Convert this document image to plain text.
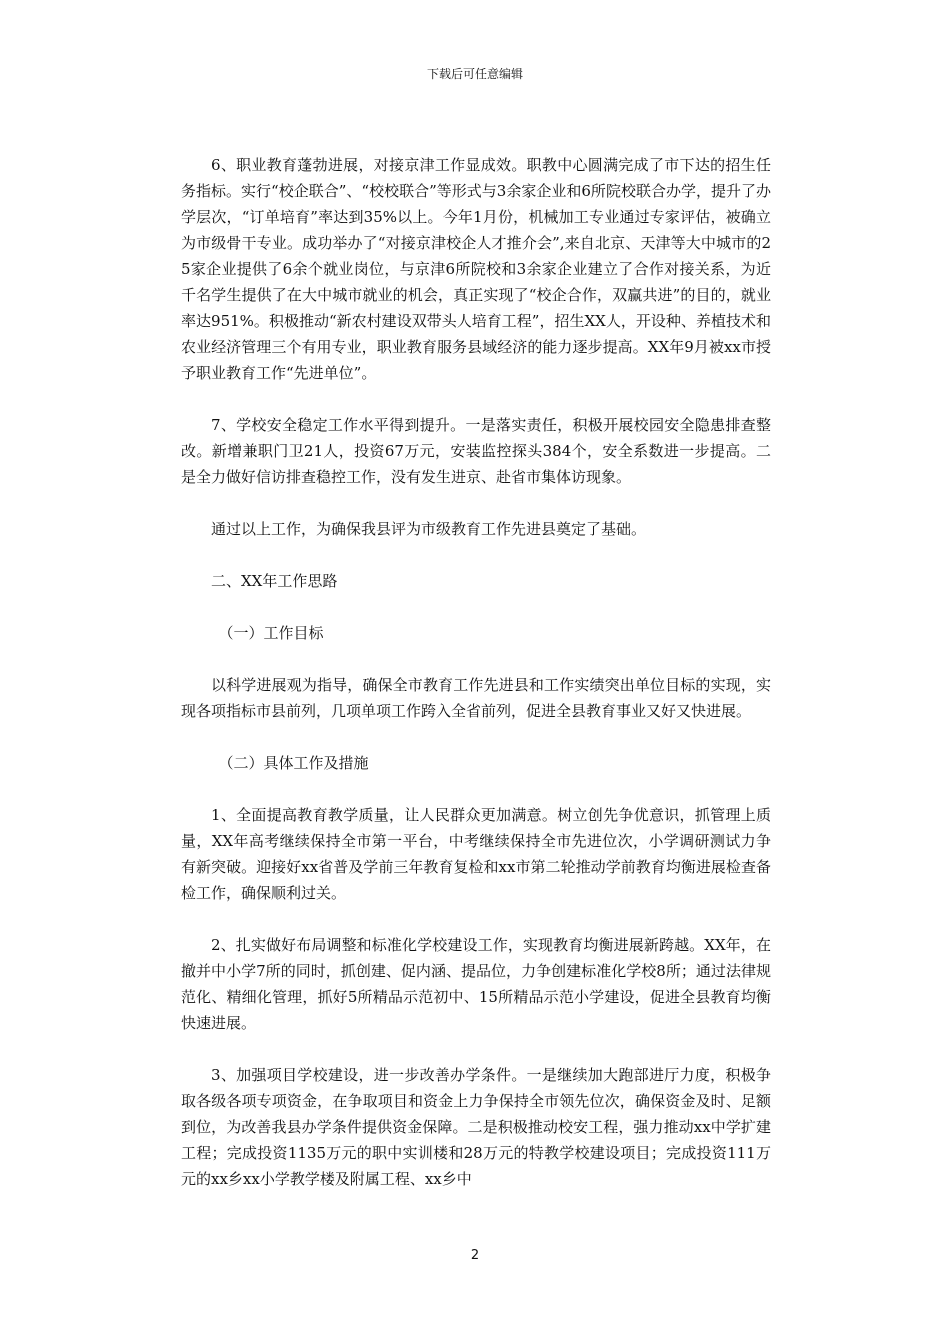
下载后可任意编辑

6、职业教育蓬勃进展，对接京津工作显成效。职教中心圆满完成了市下达的招生任务指标。实行“校企联合”、“校校联合”等形式与3余家企业和6所院校联合办学，提升了办学层次，“订单培育”率达到35%以上。今年1月份，机械加工专业通过专家评估，被确立为市级骨干专业。成功举办了“对接京津校企人才推介会”,来自北京、天津等大中城市的25家企业提供了6余个就业岗位，与京津6所院校和3余家企业建立了合作对接关系，为近千名学生提供了在大中城市就业的机会，真正实现了“校企合作，双赢共进”的目的，就业率达951%。积极推动“新农村建设双带头人培育工程”，招生XX人，开设种、养植技术和农业经济管理三个有用专业，职业教育服务县域经济的能力逐步提高。XX年9月被xx市授予职业教育工作“先进单位”。

7、学校安全稳定工作水平得到提升。一是落实责任，积极开展校园安全隐患排查整改。新增兼职门卫21人，投资67万元，安装监控探头384个，安全系数进一步提高。二是全力做好信访排查稳控工作，没有发生进京、赴省市集体访现象。

通过以上工作，为确保我县评为市级教育工作先进县奠定了基础。

二、XX年工作思路

（一）工作目标

以科学进展观为指导，确保全市教育工作先进县和工作实绩突出单位目标的实现，实现各项指标市县前列，几项单项工作跨入全省前列，促进全县教育事业又好又快进展。

（二）具体工作及措施

1、全面提高教育教学质量，让人民群众更加满意。树立创先争优意识，抓管理上质量，XX年高考继续保持全市第一平台，中考继续保持全市先进位次，小学调研测试力争有新突破。迎接好xx省普及学前三年教育复检和xx市第二轮推动学前教育均衡进展检查备检工作，确保顺利过关。

2、扎实做好布局调整和标准化学校建设工作，实现教育均衡进展新跨越。XX年，在撤并中小学7所的同时，抓创建、促内涵、提品位，力争创建标准化学校8所；通过法律规范化、精细化管理，抓好5所精品示范初中、15所精品示范小学建设，促进全县教育均衡快速进展。

3、加强项目学校建设，进一步改善办学条件。一是继续加大跑部进厅力度，积极争取各级各项专项资金，在争取项目和资金上力争保持全市领先位次，确保资金及时、足额到位，为改善我县办学条件提供资金保障。二是积极推动校安工程，强力推动xx中学扩建工程；完成投资1135万元的职中实训楼和28万元的特教学校建设项目；完成投资111万元的xx乡xx小学教学楼及附属工程、xx乡中

2
